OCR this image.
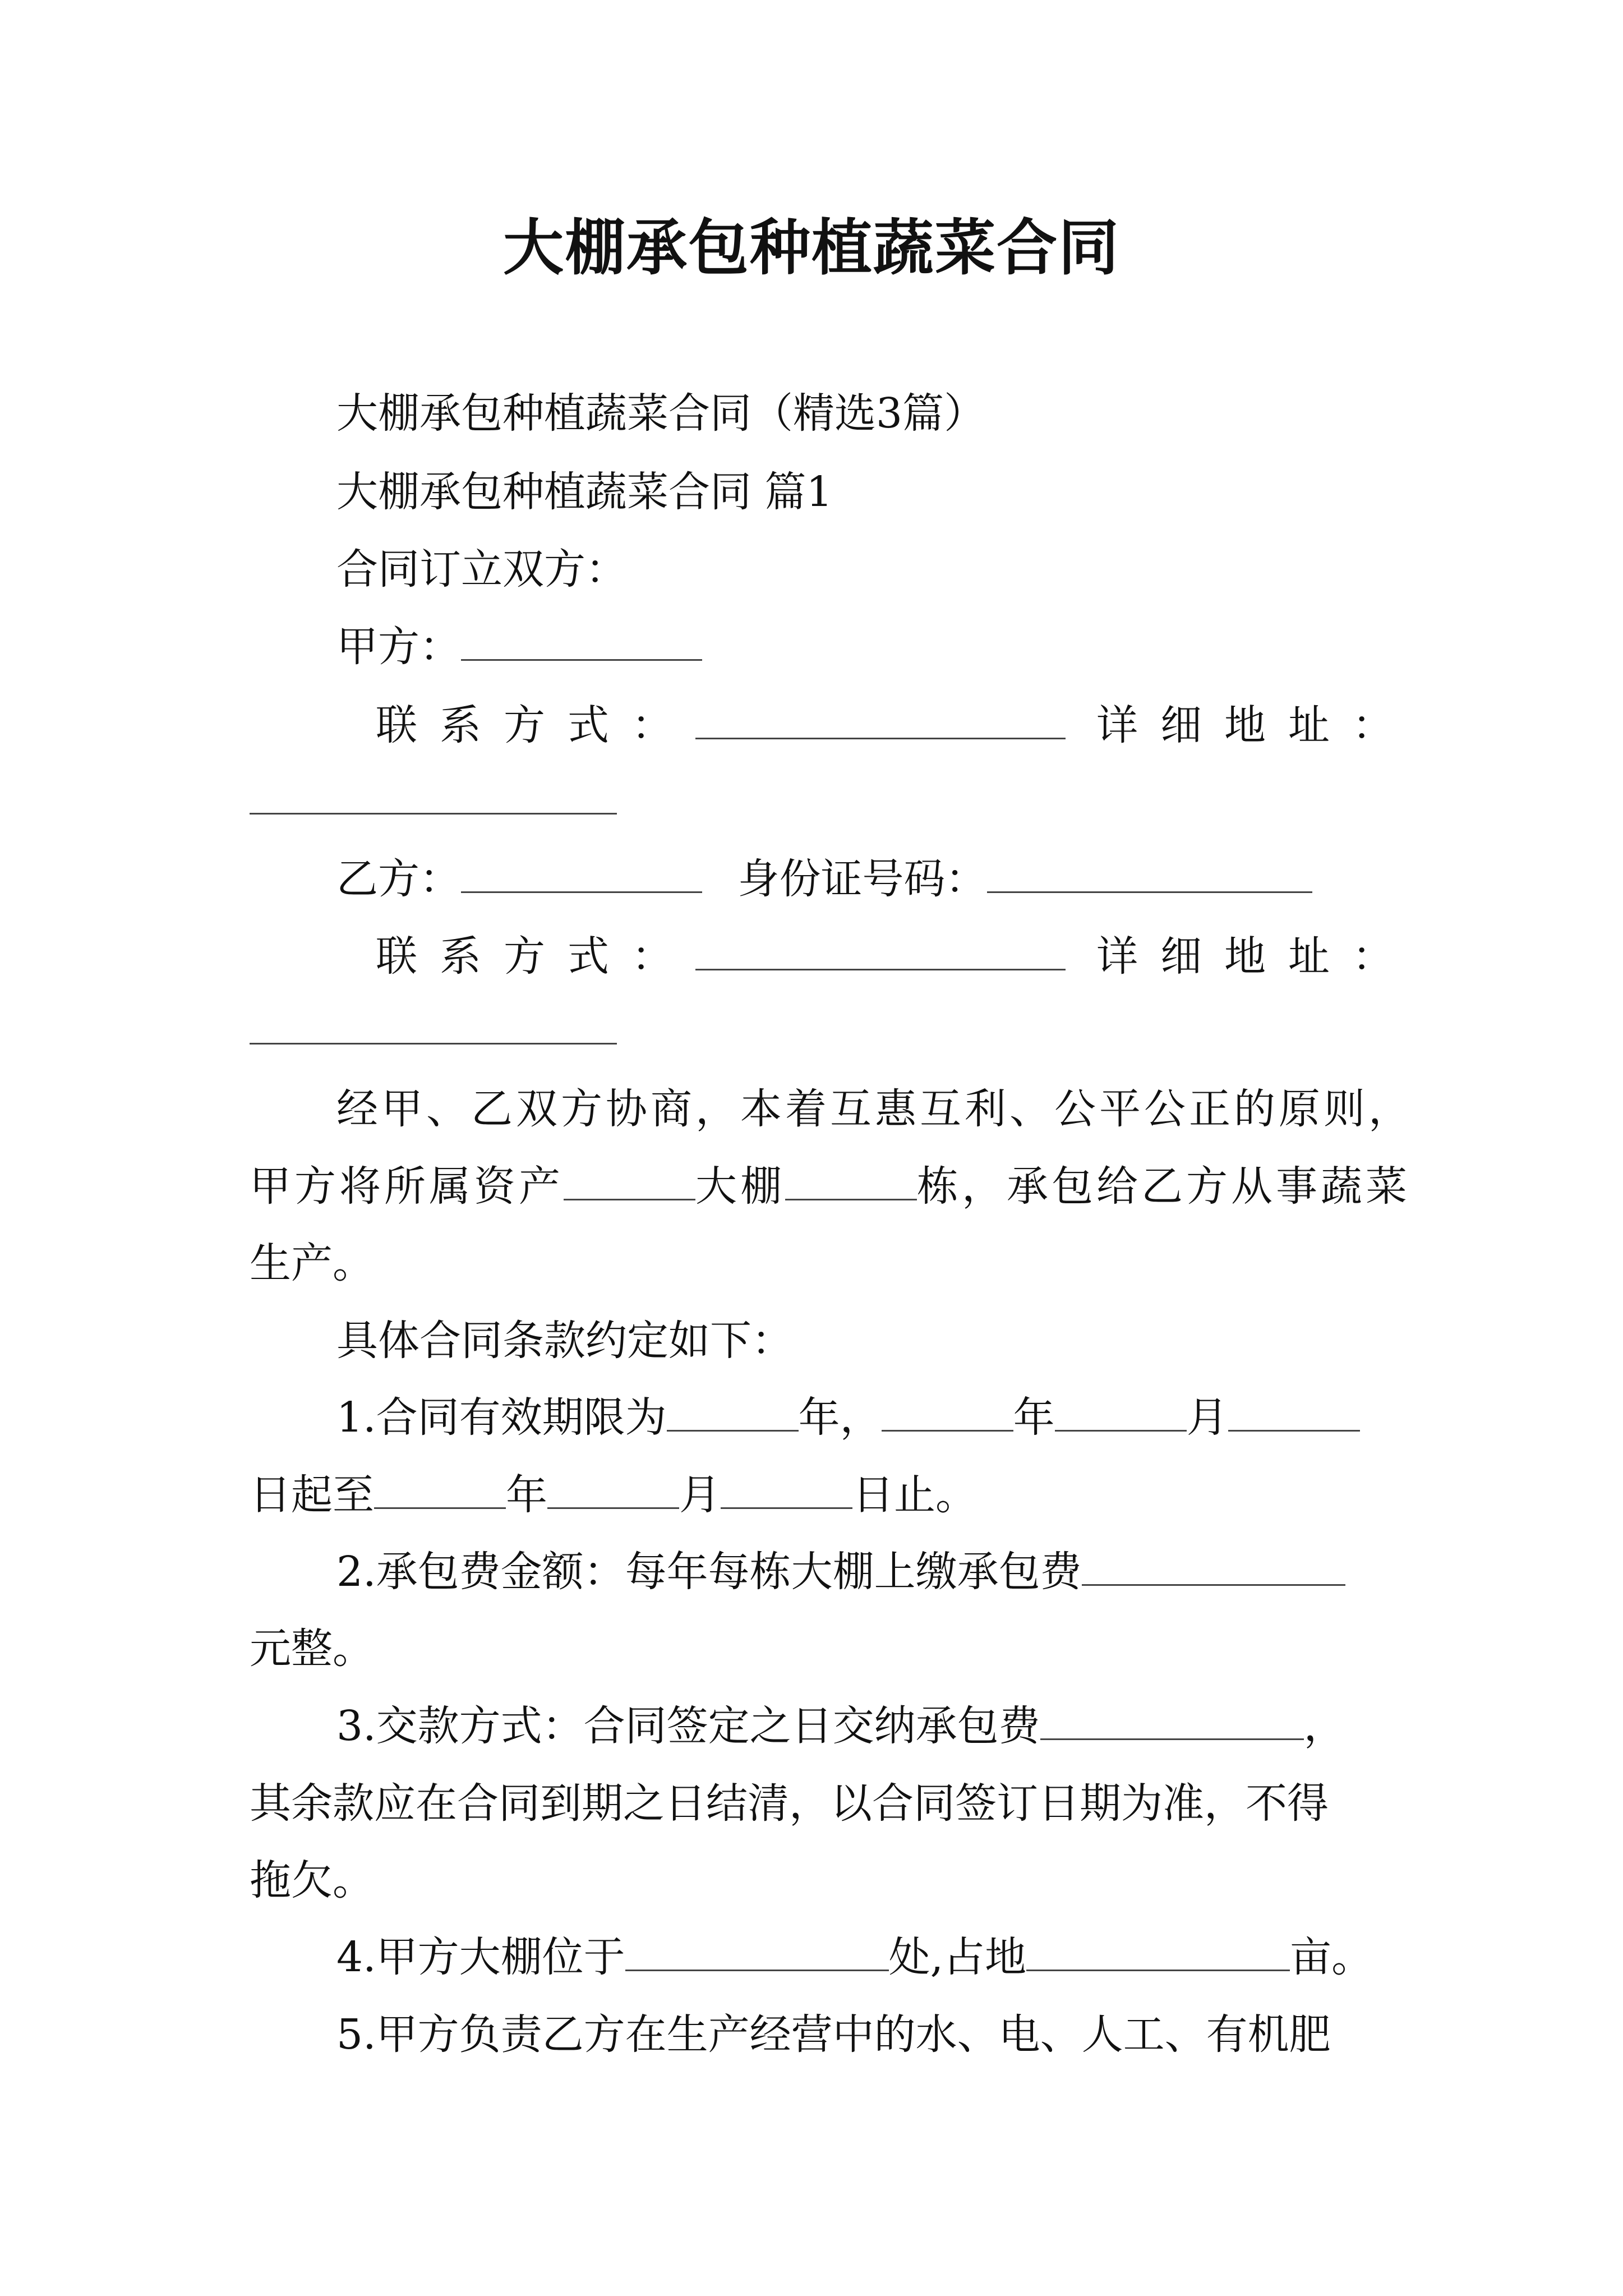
大棚承包种植蔬菜合同
大棚承包种植蔬菜合同（精选3篇）
大棚承包种植蔬菜合同 篇1
合同订立双方：
甲方：
联系方式：	详细地址：
乙方：	身份证号码：
联系方式：	详细地址：
经甲、乙双方协商，本着互惠互利、公平公正的原则，
甲方将所属资产	大棚	栋，承包给乙方从事蔬菜
生产。
具体合同条款约定如下：
1.合同有效期限为	年，	年	月
日起至	年	月	日止。
2.承包费金额：每年每栋大棚上缴承包费
元整。
3.交款方式：合同签定之日交纳承包费	，
其余款应在合同到期之日结清，以合同签订日期为准，不得
拖欠。
4.甲方大棚位于	处,占地	亩。
5.甲方负责乙方在生产经营中的水、电、人工、有机肥
